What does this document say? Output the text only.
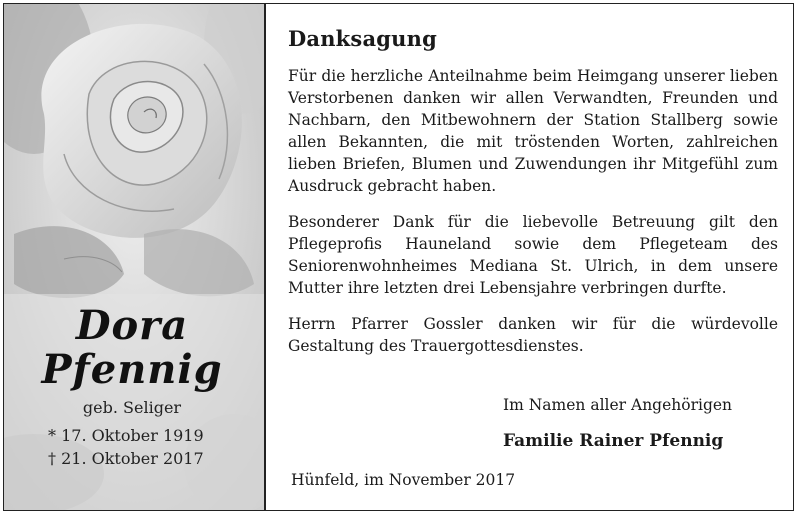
Dora
Pfennig
geb. Seliger
* 17. Oktober 1919
† 21. Oktober 2017
Danksagung

Für die herzliche Anteilnahme beim Heimgang unserer lieben Verstorbenen danken wir allen Verwandten, Freunden und Nachbarn, den Mitbewohnern der Station Stallberg sowie allen Bekannten, die mit tröstenden Worten, zahlreichen lieben Briefen, Blumen und Zuwendungen ihr Mitgefühl zum Ausdruck gebracht haben.

Besonderer Dank für die liebevolle Betreuung gilt den Pflegeprofis Hauneland sowie dem Pflegeteam des Seniorenwohnheimes Mediana St. Ulrich, in dem unsere Mutter ihre letzten drei Lebensjahre verbringen durfte.

Herrn Pfarrer Gossler danken wir für die würdevolle Gestaltung des Trauergottesdienstes.

Im Namen aller Angehörigen
Familie Rainer Pfennig
Hünfeld, im November 2017
